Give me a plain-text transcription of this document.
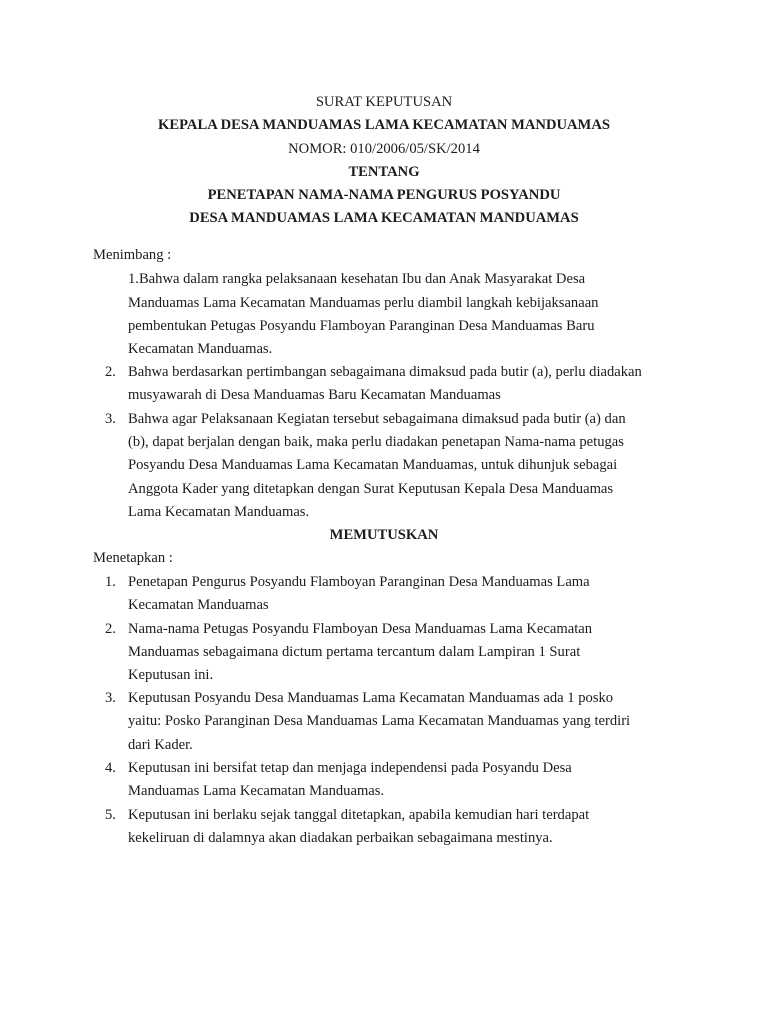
SURAT KEPUTUSAN
KEPALA DESA MANDUAMAS LAMA KECAMATAN MANDUAMAS
NOMOR: 010/2006/05/SK/2014
TENTANG
PENETAPAN NAMA-NAMA PENGURUS POSYANDU
DESA MANDUAMAS LAMA KECAMATAN MANDUAMAS
Menimbang :
1.Bahwa dalam rangka pelaksanaan kesehatan Ibu dan Anak Masyarakat Desa
Manduamas Lama Kecamatan Manduamas perlu diambil langkah kebijaksanaan
pembentukan Petugas Posyandu Flamboyan Paranginan Desa Manduamas Baru
Kecamatan Manduamas.
2. Bahwa berdasarkan pertimbangan sebagaimana dimaksud pada butir (a), perlu diadakan
musyawarah di Desa Manduamas Baru Kecamatan Manduamas
3. Bahwa agar Pelaksanaan Kegiatan tersebut sebagaimana dimaksud pada butir (a) dan
(b), dapat berjalan dengan baik, maka perlu diadakan penetapan Nama-nama petugas
Posyandu Desa Manduamas Lama Kecamatan Manduamas, untuk dihunjuk sebagai
Anggota Kader yang ditetapkan dengan Surat Keputusan Kepala Desa Manduamas
Lama Kecamatan Manduamas.
MEMUTUSKAN
Menetapkan :
1. Penetapan Pengurus Posyandu Flamboyan Paranginan Desa Manduamas Lama
Kecamatan Manduamas
2. Nama-nama Petugas Posyandu Flamboyan Desa Manduamas Lama Kecamatan
Manduamas sebagaimana dictum pertama tercantum dalam Lampiran 1 Surat
Keputusan ini.
3. Keputusan Posyandu Desa Manduamas Lama Kecamatan Manduamas ada 1 posko
yaitu: Posko Paranginan Desa Manduamas Lama Kecamatan Manduamas yang terdiri
dari Kader.
4. Keputusan ini bersifat tetap dan menjaga independensi pada Posyandu Desa
Manduamas Lama Kecamatan Manduamas.
5. Keputusan ini berlaku sejak tanggal ditetapkan, apabila kemudian hari terdapat
kekeliruan di dalamnya akan diadakan perbaikan sebagaimana mestinya.
